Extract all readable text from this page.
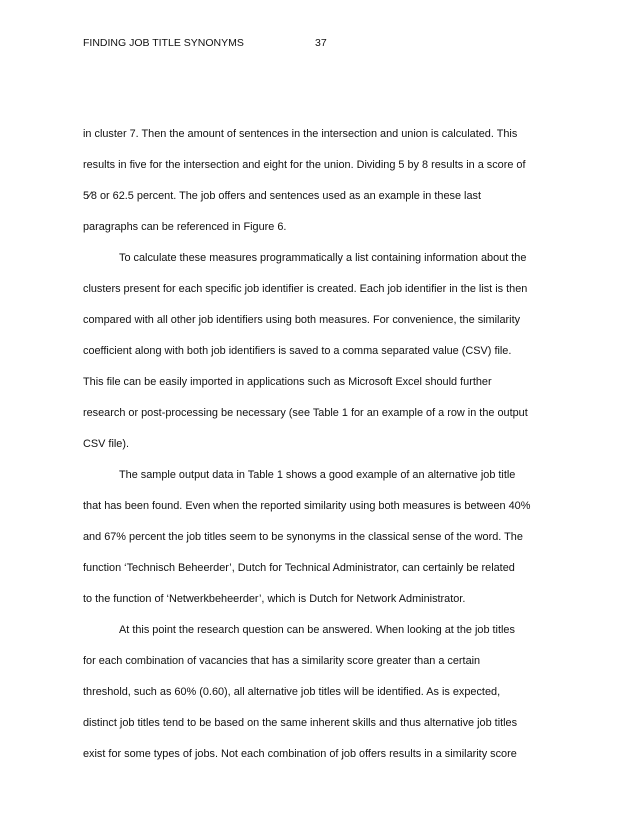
FINDING JOB TITLE SYNONYMS	37
in cluster 7. Then the amount of sentences in the intersection and union is calculated. This
results in five for the intersection and eight for the union. Dividing 5 by 8 results in a score of
5⁄8 or 62.5 percent. The job offers and sentences used as an example in these last
paragraphs can be referenced in Figure 6.
To calculate these measures programmatically a list containing information about the
clusters present for each specific job identifier is created. Each job identifier in the list is then
compared with all other job identifiers using both measures. For convenience, the similarity
coefficient along with both job identifiers is saved to a comma separated value (CSV) file.
This file can be easily imported in applications such as Microsoft Excel should further
research or post-processing be necessary (see Table 1 for an example of a row in the output
CSV file).
The sample output data in Table 1 shows a good example of an alternative job title
that has been found. Even when the reported similarity using both measures is between 40%
and 67% percent the job titles seem to be synonyms in the classical sense of the word. The
function ‘Technisch Beheerder’, Dutch for Technical Administrator, can certainly be related
to the function of ‘Netwerkbeheerder’, which is Dutch for Network Administrator.
At this point the research question can be answered. When looking at the job titles
for each combination of vacancies that has a similarity score greater than a certain
threshold, such as 60% (0.60), all alternative job titles will be identified. As is expected,
distinct job titles tend to be based on the same inherent skills and thus alternative job titles
exist for some types of jobs. Not each combination of job offers results in a similarity score
